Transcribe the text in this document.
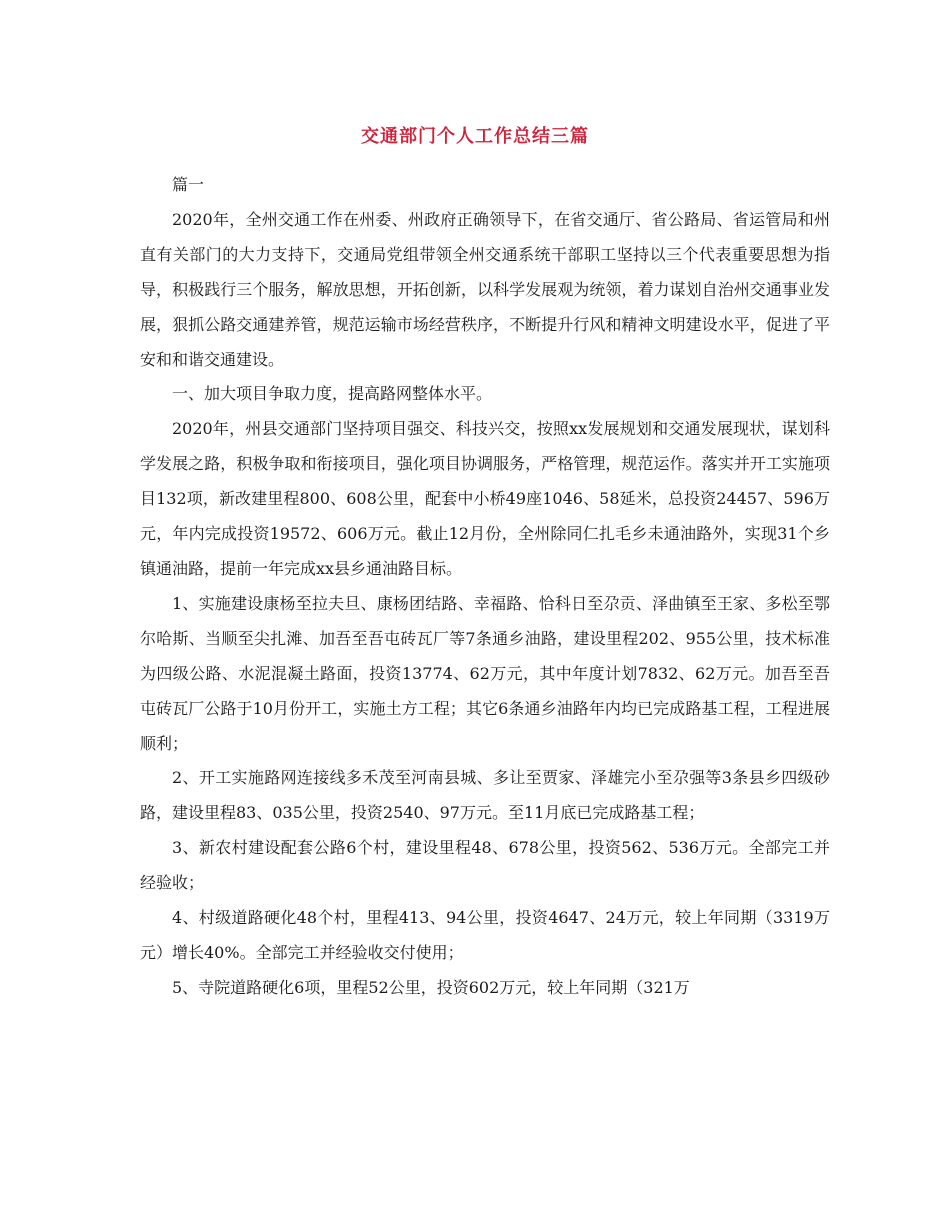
交通部门个人工作总结三篇

篇一

2020年，全州交通工作在州委、州政府正确领导下，在省交通厅、省公路局、省运管局和州直有关部门的大力支持下，交通局党组带领全州交通系统干部职工坚持以三个代表重要思想为指导，积极践行三个服务，解放思想，开拓创新，以科学发展观为统领，着力谋划自治州交通事业发展，狠抓公路交通建养管，规范运输市场经营秩序，不断提升行风和精神文明建设水平，促进了平安和和谐交通建设。

一、加大项目争取力度，提高路网整体水平。

2020年，州县交通部门坚持项目强交、科技兴交，按照xx发展规划和交通发展现状，谋划科学发展之路，积极争取和衔接项目，强化项目协调服务，严格管理，规范运作。落实并开工实施项目132项，新改建里程800、608公里，配套中小桥49座1046、58延米，总投资24457、596万元，年内完成投资19572、606万元。截止12月份，全州除同仁扎毛乡未通油路外，实现31个乡镇通油路，提前一年完成xx县乡通油路目标。

1、实施建设康杨至拉夫旦、康杨团结路、幸福路、恰科日至尕贡、泽曲镇至王家、多松至鄂尔哈斯、当顺至尖扎滩、加吾至吾屯砖瓦厂等7条通乡油路，建设里程202、955公里，技术标准为四级公路、水泥混凝土路面，投资13774、62万元，其中年度计划7832、62万元。加吾至吾屯砖瓦厂公路于10月份开工，实施土方工程；其它6条通乡油路年内均已完成路基工程，工程进展顺利；

2、开工实施路网连接线多禾茂至河南县城、多让至贾家、泽雄完小至尕强等3条县乡四级砂路，建设里程83、035公里，投资2540、97万元。至11月底已完成路基工程；

3、新农村建设配套公路6个村，建设里程48、678公里，投资562、536万元。全部完工并经验收；

4、村级道路硬化48个村，里程413、94公里，投资4647、24万元，较上年同期（3319万元）增长40%。全部完工并经验收交付使用；

5、寺院道路硬化6项，里程52公里，投资602万元，较上年同期（321万
